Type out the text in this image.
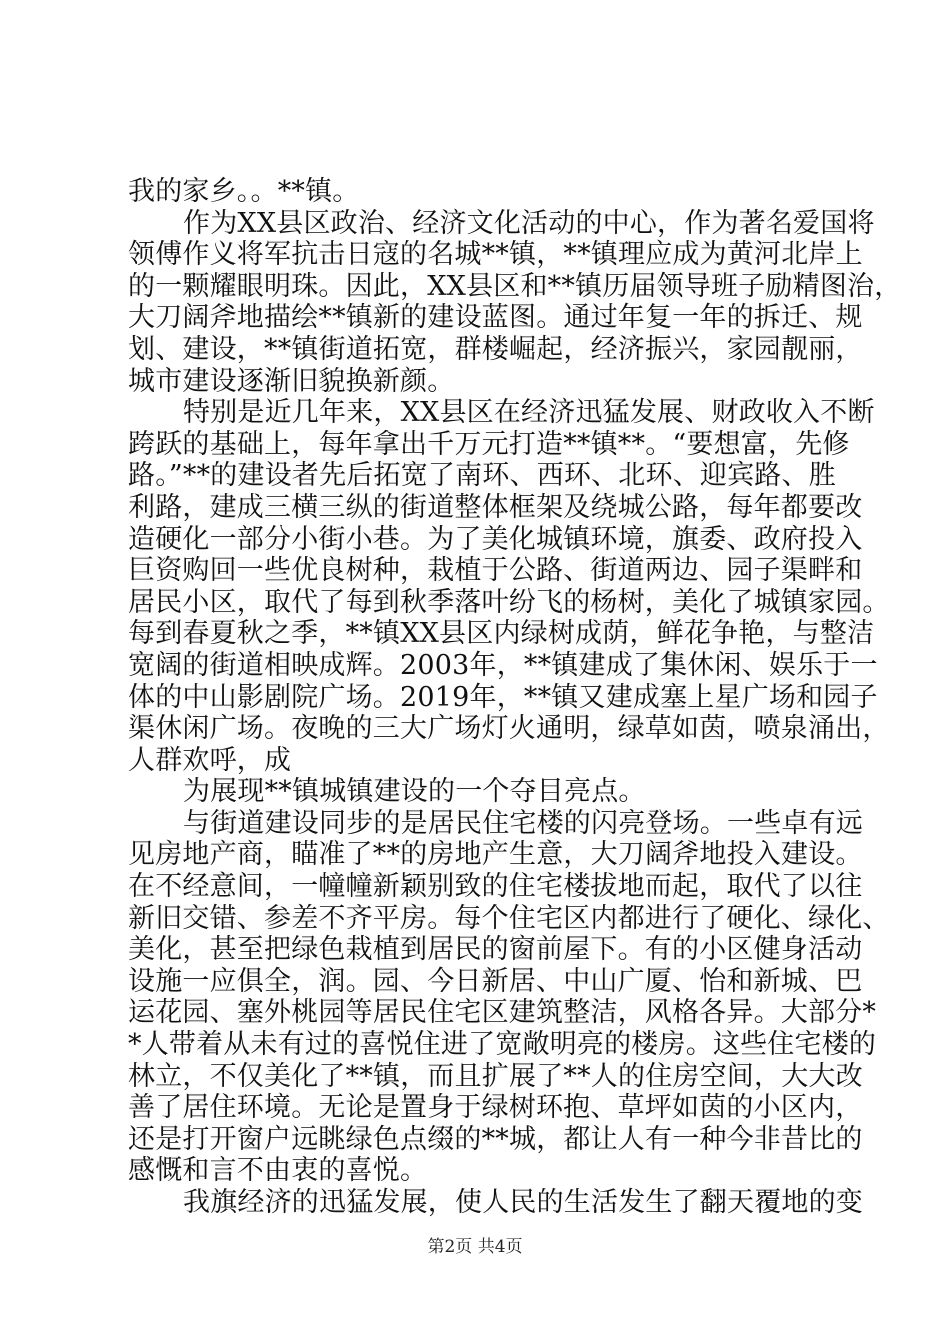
我的家乡。。**镇。
作为XX县区政治、经济文化活动的中心，作为著名爱国将
领傅作义将军抗击日寇的名城**镇，**镇理应成为黄河北岸上
的一颗耀眼明珠。因此，XX县区和**镇历届领导班子励精图治，
大刀阔斧地描绘**镇新的建设蓝图。通过年复一年的拆迁、规
划、建设，**镇街道拓宽，群楼崛起，经济振兴，家园靓丽，
城市建设逐渐旧貌换新颜。
特别是近几年来，XX县区在经济迅猛发展、财政收入不断
跨跃的基础上，每年拿出千万元打造**镇**。“要想富，先修
路。”**的建设者先后拓宽了南环、西环、北环、迎宾路、胜
利路，建成三横三纵的街道整体框架及绕城公路，每年都要改
造硬化一部分小街小巷。为了美化城镇环境，旗委、政府投入
巨资购回一些优良树种，栽植于公路、街道两边、园子渠畔和
居民小区，取代了每到秋季落叶纷飞的杨树，美化了城镇家园。
每到春夏秋之季，**镇XX县区内绿树成荫，鲜花争艳，与整洁
宽阔的街道相映成辉。2003年，**镇建成了集休闲、娱乐于一
体的中山影剧院广场。2019年，**镇又建成塞上星广场和园子
渠休闲广场。夜晚的三大广场灯火通明，绿草如茵，喷泉涌出，
人群欢呼，成
为展现**镇城镇建设的一个夺目亮点。
与街道建设同步的是居民住宅楼的闪亮登场。一些卓有远
见房地产商，瞄准了**的房地产生意，大刀阔斧地投入建设。
在不经意间，一幢幢新颖别致的住宅楼拔地而起，取代了以往
新旧交错、参差不齐平房。每个住宅区内都进行了硬化、绿化、
美化，甚至把绿色栽植到居民的窗前屋下。有的小区健身活动
设施一应俱全，润。园、今日新居、中山广厦、怡和新城、巴
运花园、塞外桃园等居民住宅区建筑整洁，风格各异。大部分*
*人带着从未有过的喜悦住进了宽敞明亮的楼房。这些住宅楼的
林立，不仅美化了**镇，而且扩展了**人的住房空间，大大改
善了居住环境。无论是置身于绿树环抱、草坪如茵的小区内，
还是打开窗户远眺绿色点缀的**城，都让人有一种今非昔比的
感慨和言不由衷的喜悦。
我旗经济的迅猛发展，使人民的生活发生了翻天覆地的变
第2页 共4页
